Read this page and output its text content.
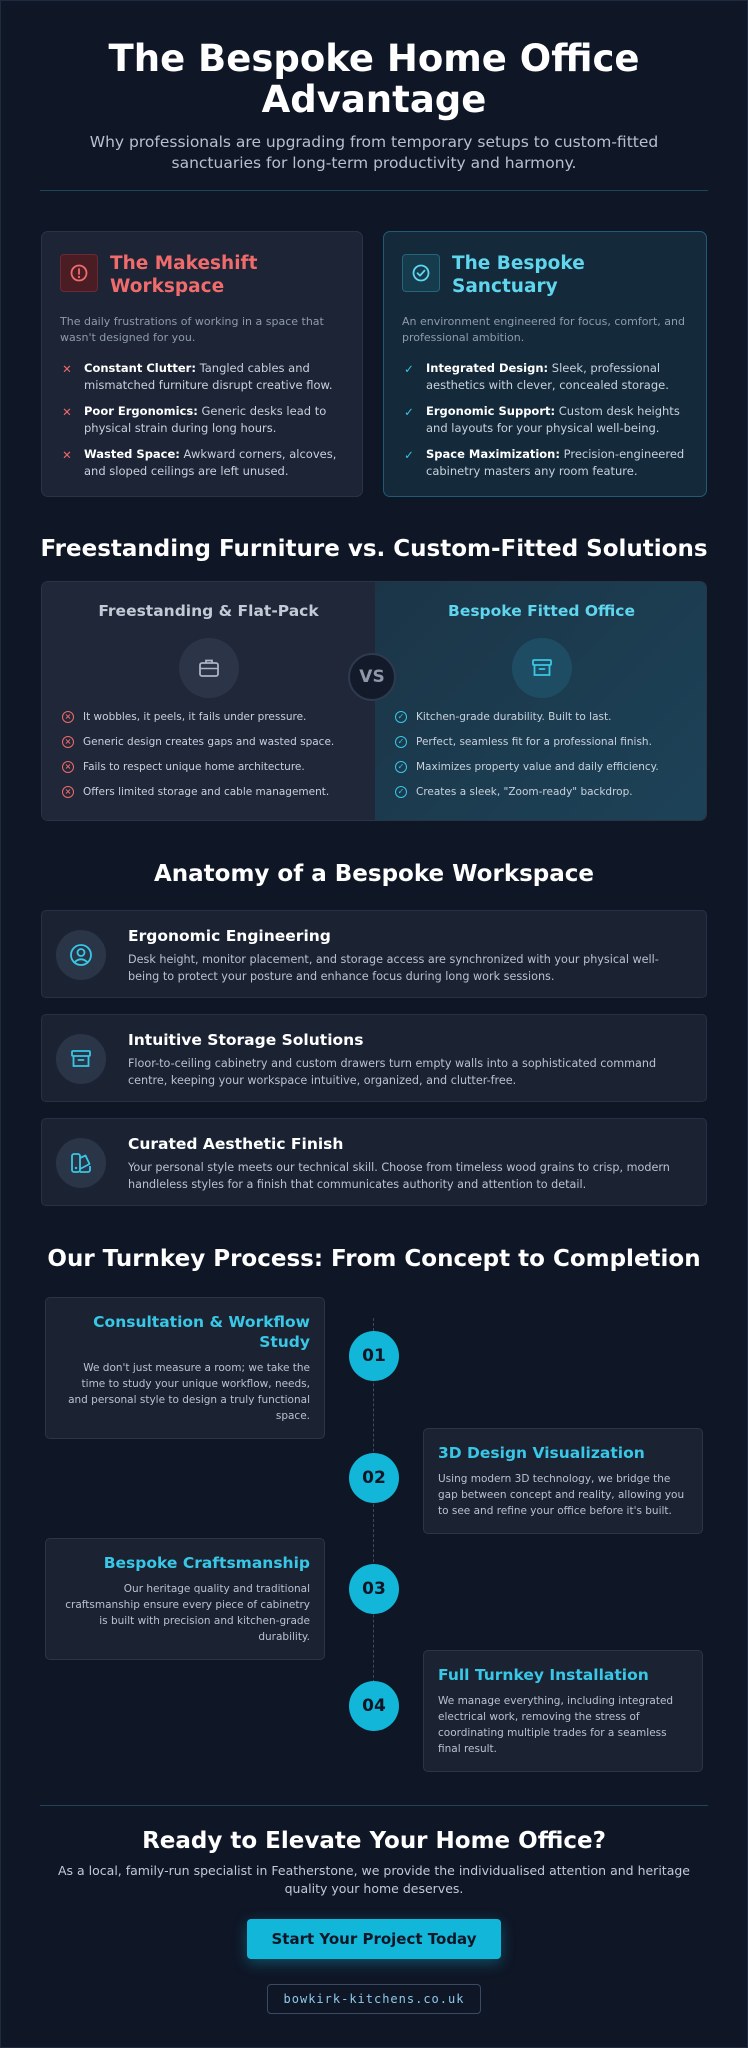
The Bespoke Home Office
Advantage

Why professionals are upgrading from temporary setups to custom-fitted sanctuaries for long-term productivity and harmony.

The Makeshift Workspace
The daily frustrations of working in a space that wasn't designed for you.
✕ Constant Clutter: Tangled cables and mismatched furniture disrupt creative flow.
✕ Poor Ergonomics: Generic desks lead to physical strain during long hours.
✕ Wasted Space: Awkward corners, alcoves, and sloped ceilings are left unused.
The Bespoke Sanctuary
An environment engineered for focus, comfort, and professional ambition.
✓ Integrated Design: Sleek, professional aesthetics with clever, concealed storage.
✓ Ergonomic Support: Custom desk heights and layouts for your physical well-being.
✓ Space Maximization: Precision-engineered cabinetry masters any room feature.
Freestanding Furniture vs. Custom-Fitted Solutions
Freestanding & Flat-Pack
× It wobbles, it peels, it fails under pressure.
× Generic design creates gaps and wasted space.
× Fails to respect unique home architecture.
× Offers limited storage and cable management.
Bespoke Fitted Office
✓ Kitchen-grade durability. Built to last.
✓ Perfect, seamless fit for a professional finish.
✓ Maximizes property value and daily efficiency.
✓ Creates a sleek, "Zoom-ready" backdrop.
VS
Anatomy of a Bespoke Workspace
Ergonomic Engineering
Desk height, monitor placement, and storage access are synchronized with your physical well-being to protect your posture and enhance focus during long work sessions.
Intuitive Storage Solutions
Floor-to-ceiling cabinetry and custom drawers turn empty walls into a sophisticated command centre, keeping your workspace intuitive, organized, and clutter-free.
Curated Aesthetic Finish
Your personal style meets our technical skill. Choose from timeless wood grains to crisp, modern handleless styles for a finish that communicates authority and attention to detail.
Our Turnkey Process: From Concept to Completion
Consultation & Workflow Study
We don't just measure a room; we take the time to study your unique workflow, needs, and personal style to design a truly functional space.
01
3D Design Visualization
Using modern 3D technology, we bridge the gap between concept and reality, allowing you to see and refine your office before it's built.
02
Bespoke Craftsmanship
Our heritage quality and traditional craftsmanship ensure every piece of cabinetry is built with precision and kitchen-grade durability.
03
Full Turnkey Installation
We manage everything, including integrated electrical work, removing the stress of coordinating multiple trades for a seamless final result.
04
Ready to Elevate Your Home Office?
As a local, family-run specialist in Featherstone, we provide the individualised attention and heritage quality your home deserves.
Start Your Project Today
bowkirk-kitchens.co.uk
